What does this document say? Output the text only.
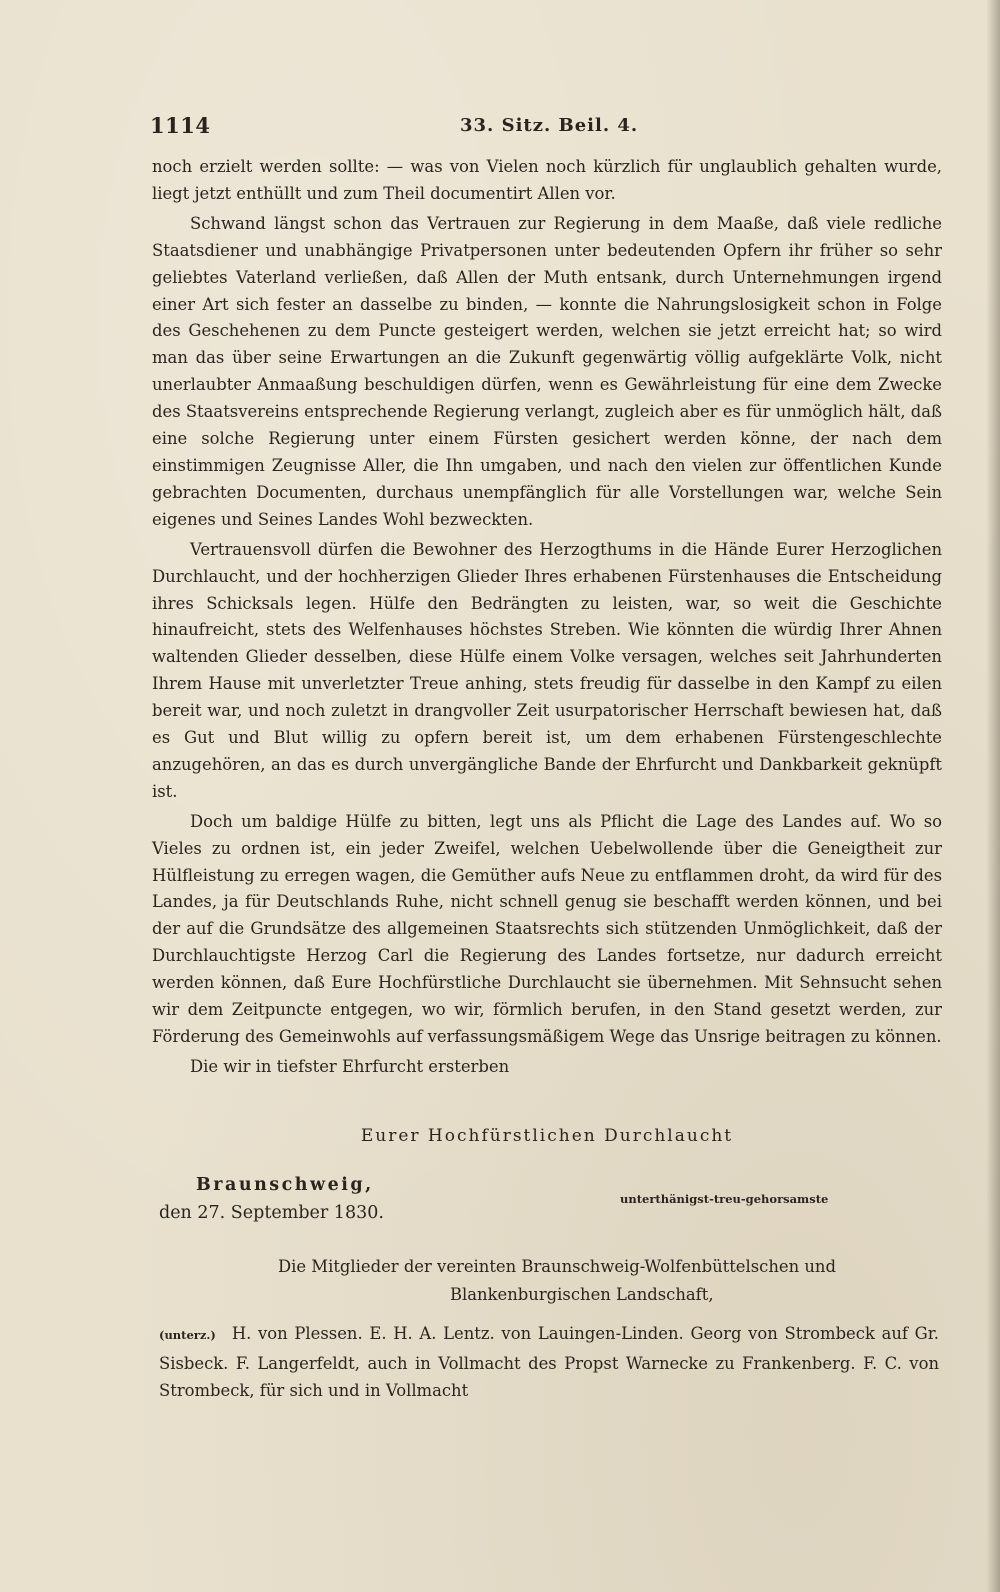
1114	33. Sitz. Beil. 4.

noch erzielt werden sollte: — was von Vielen noch kürzlich für unglaublich gehalten wurde, liegt jetzt enthüllt und zum Theil documentirt Allen vor.

Schwand längst schon das Vertrauen zur Regierung in dem Maaße, daß viele redliche Staatsdiener und unabhängige Privatpersonen unter bedeutenden Opfern ihr früher so sehr geliebtes Vaterland verließen, daß Allen der Muth entsank, durch Unternehmungen irgend einer Art sich fester an dasselbe zu binden, — konnte die Nahrungslosigkeit schon in Folge des Geschehenen zu dem Puncte gesteigert werden, welchen sie jetzt erreicht hat; so wird man das über seine Erwartungen an die Zukunft gegenwärtig völlig aufgeklärte Volk, nicht unerlaubter Anmaaßung beschuldigen dürfen, wenn es Gewährleistung für eine dem Zwecke des Staatsvereins entsprechende Regierung verlangt, zugleich aber es für unmöglich hält, daß eine solche Regierung unter einem Fürsten gesichert werden könne, der nach dem einstimmigen Zeugnisse Aller, die Ihn umgaben, und nach den vielen zur öffentlichen Kunde gebrachten Documenten, durchaus unempfänglich für alle Vorstellungen war, welche Sein eigenes und Seines Landes Wohl bezweckten.

Vertrauensvoll dürfen die Bewohner des Herzogthums in die Hände Eurer Herzoglichen Durchlaucht, und der hochherzigen Glieder Ihres erhabenen Fürstenhauses die Entscheidung ihres Schicksals legen. Hülfe den Bedrängten zu leisten, war, so weit die Geschichte hinaufreicht, stets des Welfenhauses höchstes Streben. Wie könnten die würdig Ihrer Ahnen waltenden Glieder desselben, diese Hülfe einem Volke versagen, welches seit Jahrhunderten Ihrem Hause mit unverletzter Treue anhing, stets freudig für dasselbe in den Kampf zu eilen bereit war, und noch zuletzt in drangvoller Zeit usurpatorischer Herrschaft bewiesen hat, daß es Gut und Blut willig zu opfern bereit ist, um dem erhabenen Fürstengeschlechte anzugehören, an das es durch unvergängliche Bande der Ehrfurcht und Dankbarkeit geknüpft ist.

Doch um baldige Hülfe zu bitten, legt uns als Pflicht die Lage des Landes auf. Wo so Vieles zu ordnen ist, ein jeder Zweifel, welchen Uebelwollende über die Geneigtheit zur Hülfleistung zu erregen wagen, die Gemüther aufs Neue zu entflammen droht, da wird für des Landes, ja für Deutschlands Ruhe, nicht schnell genug sie beschafft werden können, und bei der auf die Grundsätze des allgemeinen Staatsrechts sich stützenden Unmöglichkeit, daß der Durchlauchtigste Herzog Carl die Regierung des Landes fortsetze, nur dadurch erreicht werden können, daß Eure Hochfürstliche Durchlaucht sie übernehmen. Mit Sehnsucht sehen wir dem Zeitpuncte entgegen, wo wir, förmlich berufen, in den Stand gesetzt werden, zur Förderung des Gemeinwohls auf verfassungsmäßigem Wege das Unsrige beitragen zu können.

Die wir in tiefster Ehrfurcht ersterben

Eurer Hochfürstlichen Durchlaucht
Braunschweig,
den 27. September 1830.
unterthänigst-treu-gehorsamste
Die Mitglieder der vereinten Braunschweig-Wolfenbüttelschen und
Blankenburgischen Landschaft,
(unterz.) H. von Plessen. E. H. A. Lentz. von Lauingen-Linden. Georg von Strombeck auf Gr. Sisbeck. F. Langerfeldt, auch in Vollmacht des Propst Warnecke zu Frankenberg. F. C. von Strombeck, für sich und in Vollmacht
